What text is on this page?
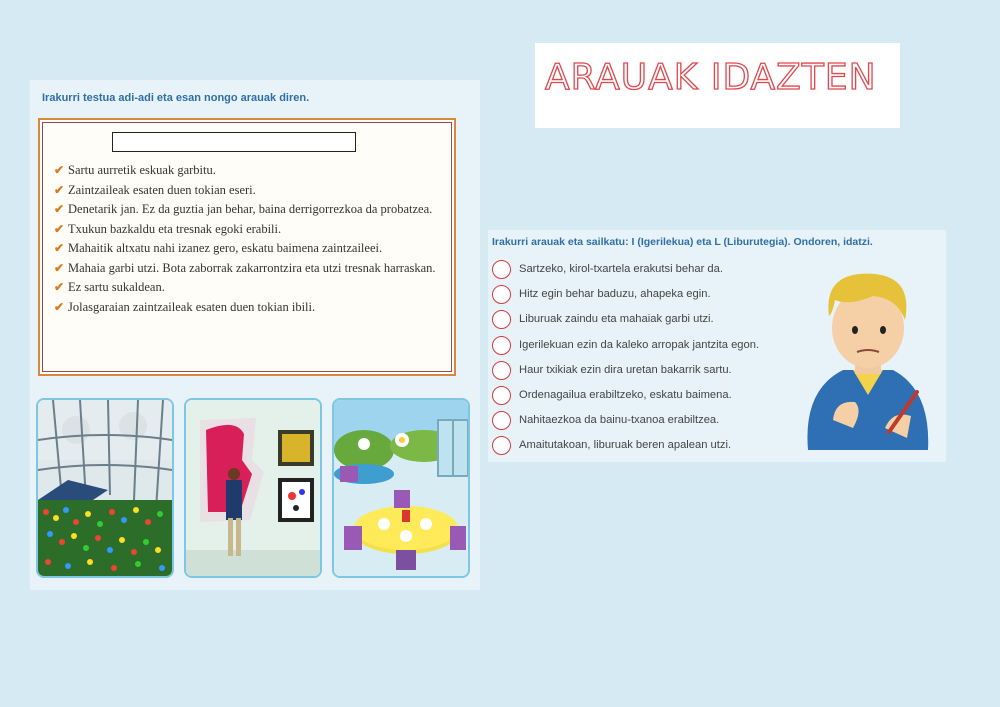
ARAUAK IDAZTEN
Irakurri testua adi-adi eta esan nongo arauak diren.
✔ Sartu aurretik eskuak garbitu.
✔ Zaintzaileak esaten duen tokian eseri.
✔ Denetarik jan. Ez da guztia jan behar, baina derrigorrezkoa da probatzea.
✔ Txukun bazkaldu eta tresnak egoki erabili.
✔ Mahaitik altxatu nahi izanez gero, eskatu baimena zaintzaileei.
✔ Mahaia garbi utzi. Bota zaborrak zakarrontzira eta utzi tresnak harraskan.
✔ Ez sartu sukaldean.
✔ Jolasgaraian zaintzaileak esaten duen tokian ibili.
Irakurri arauak eta sailkatu: I (Igerilekua) eta L (Liburutegia). Ondoren, idatzi.
Sartzeko, kirol-txartela erakutsi behar da.
Hitz egin behar baduzu, ahapeka egin.
Liburuak zaindu eta mahaiak garbi utzi.
Igerilekuan ezin da kaleko arropak jantzita egon.
Haur txikiak ezin dira uretan bakarrik sartu.
Ordenagailua erabiltzeko, eskatu baimena.
Nahitaezkoa da bainu-txanoa erabiltzea.
Amaitutakoan, liburuak beren apalean utzi.
